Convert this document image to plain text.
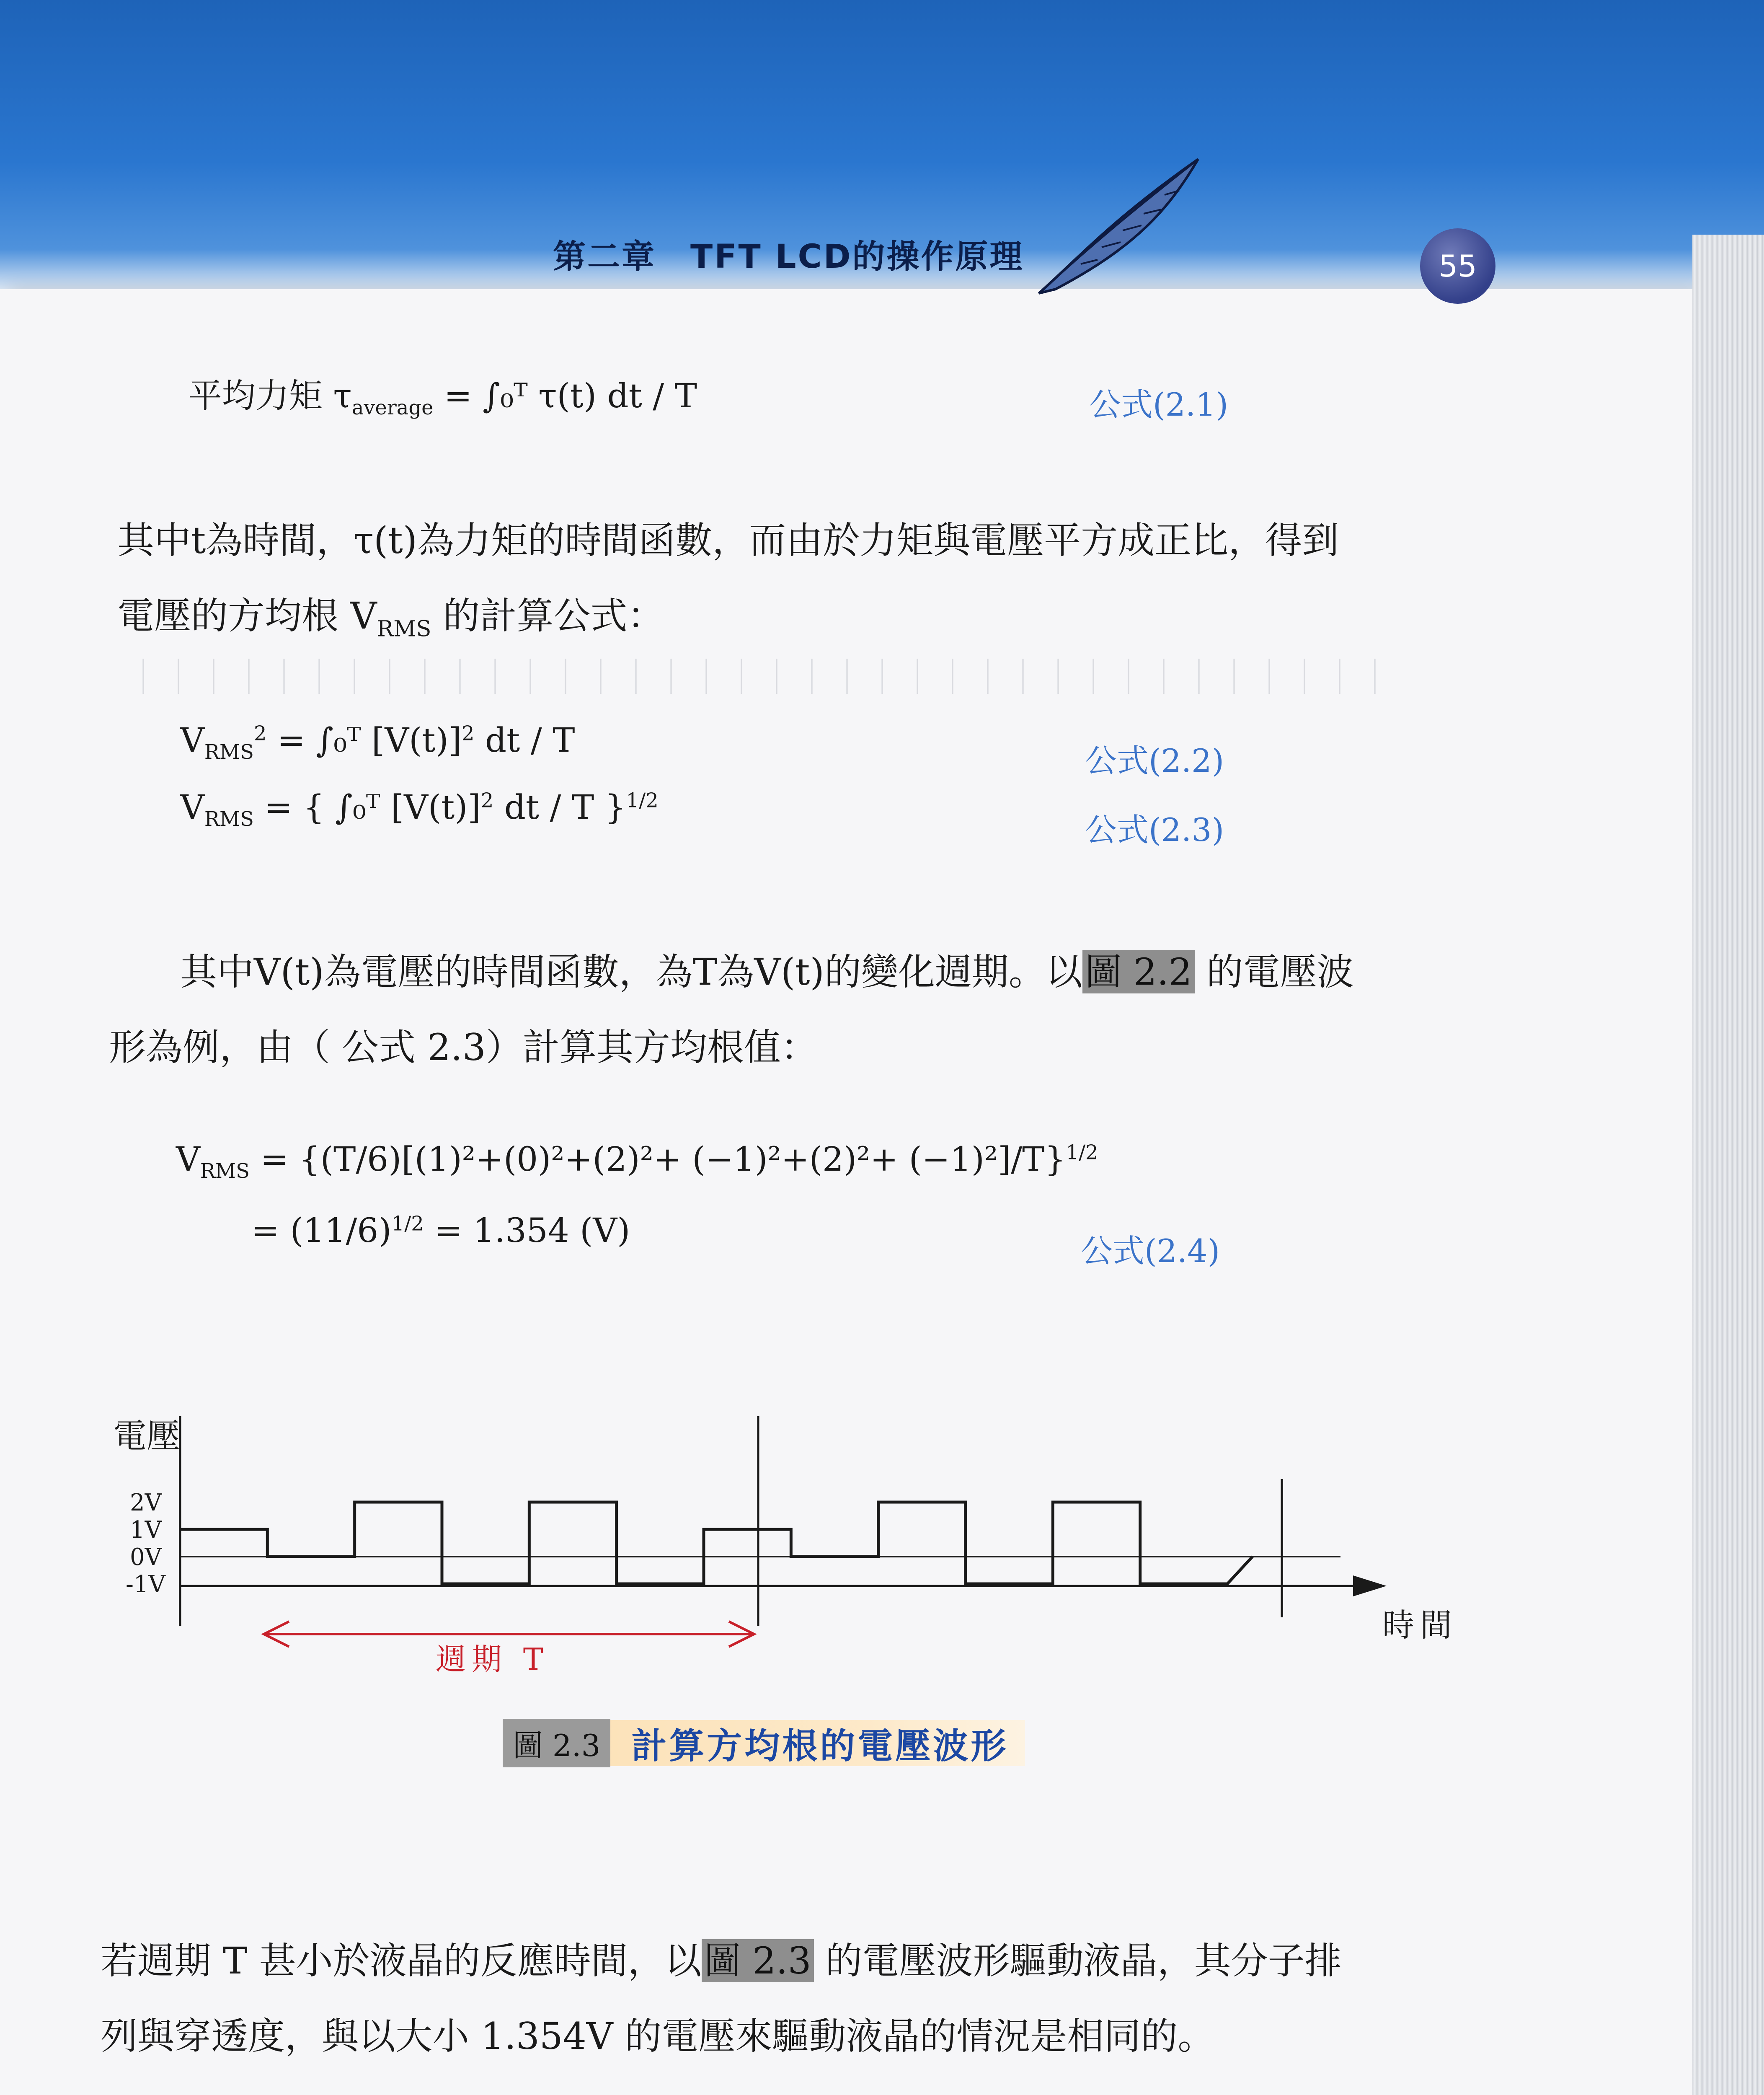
｜｜｜｜｜｜｜｜｜｜｜｜｜｜｜｜｜｜｜｜｜｜｜｜｜｜｜｜｜｜｜｜｜｜｜｜
第二章　TFT LCD的操作原理	55
平均力矩 $\tau_{average}$ = ∫₀ᵀ τ(t) dt / T	公式(2.1)
其中t為時間，τ(t)為力矩的時間函數，而由於力矩與電壓平方成正比，得到
電壓的方均根 $V_{RMS}$ 的計算公式：
$V_{RMS}^2$ = ∫₀ᵀ $[V(t)]^2$ dt / T
公式(2.2)
$V_{RMS}$ = { ∫₀ᵀ $[V(t)]^2$ dt / T }$^{1/2}$
公式(2.3)
其中V(t)為電壓的時間函數，為T為V(t)的變化週期。以圖 2.2 的電壓波
形為例，由（ 公式 2.3）計算其方均根值：
$V_{RMS} = \{(T/6)[(1)^2+(0)^2+(2)^2+ (-1)^2+(2)^2+ (-1)^2]/T\}^{1/2}$
= $(11/6)^{1/2} = 1.354$ (V)
公式(2.4)
電壓
2V
1V
0V
-1V
時間
週期 T
圖 2.3 計算方均根的電壓波形
若週期 T 甚小於液晶的反應時間，以圖 2.3 的電壓波形驅動液晶，其分子排
列與穿透度，與以大小 1.354V 的電壓來驅動液晶的情況是相同的。
